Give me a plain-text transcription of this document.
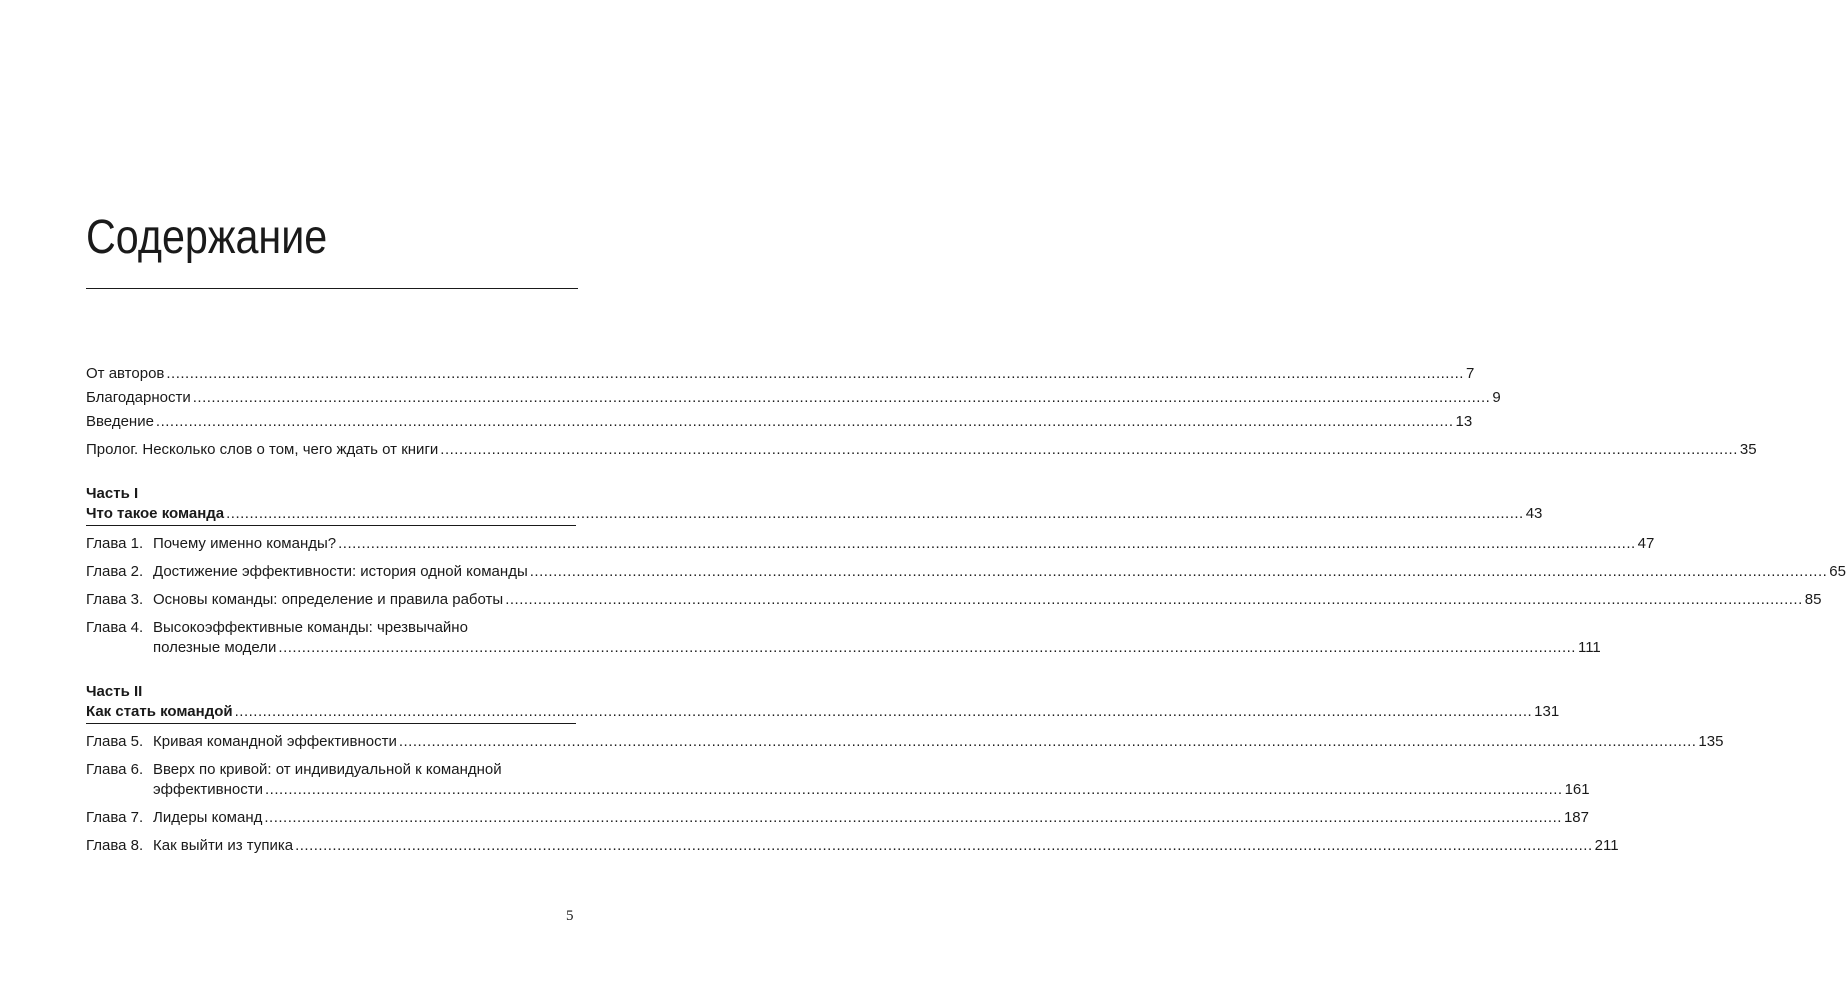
Содержание
От авторов .....	7
Благодарности .....	9
Введение .....	13
Пролог. Несколько слов о том, чего ждать от книги .....	35
Часть I
Что такое команда .....	43
Глава 1. Почему именно команды? .....	47
Глава 2. Достижение эффективности: история одной команды .....	65
Глава 3. Основы команды: определение и правила работы .....	85
Глава 4. Высокоэффективные команды: чрезвычайно
полезные модели .....	111
Часть II
Как стать командой .....	131
Глава 5. Кривая командной эффективности .....	135
Глава 6. Вверх по кривой: от индивидуальной к командной
эффективности .....	161
Глава 7. Лидеры команд .....	187
Глава 8. Как выйти из тупика .....	211
5
